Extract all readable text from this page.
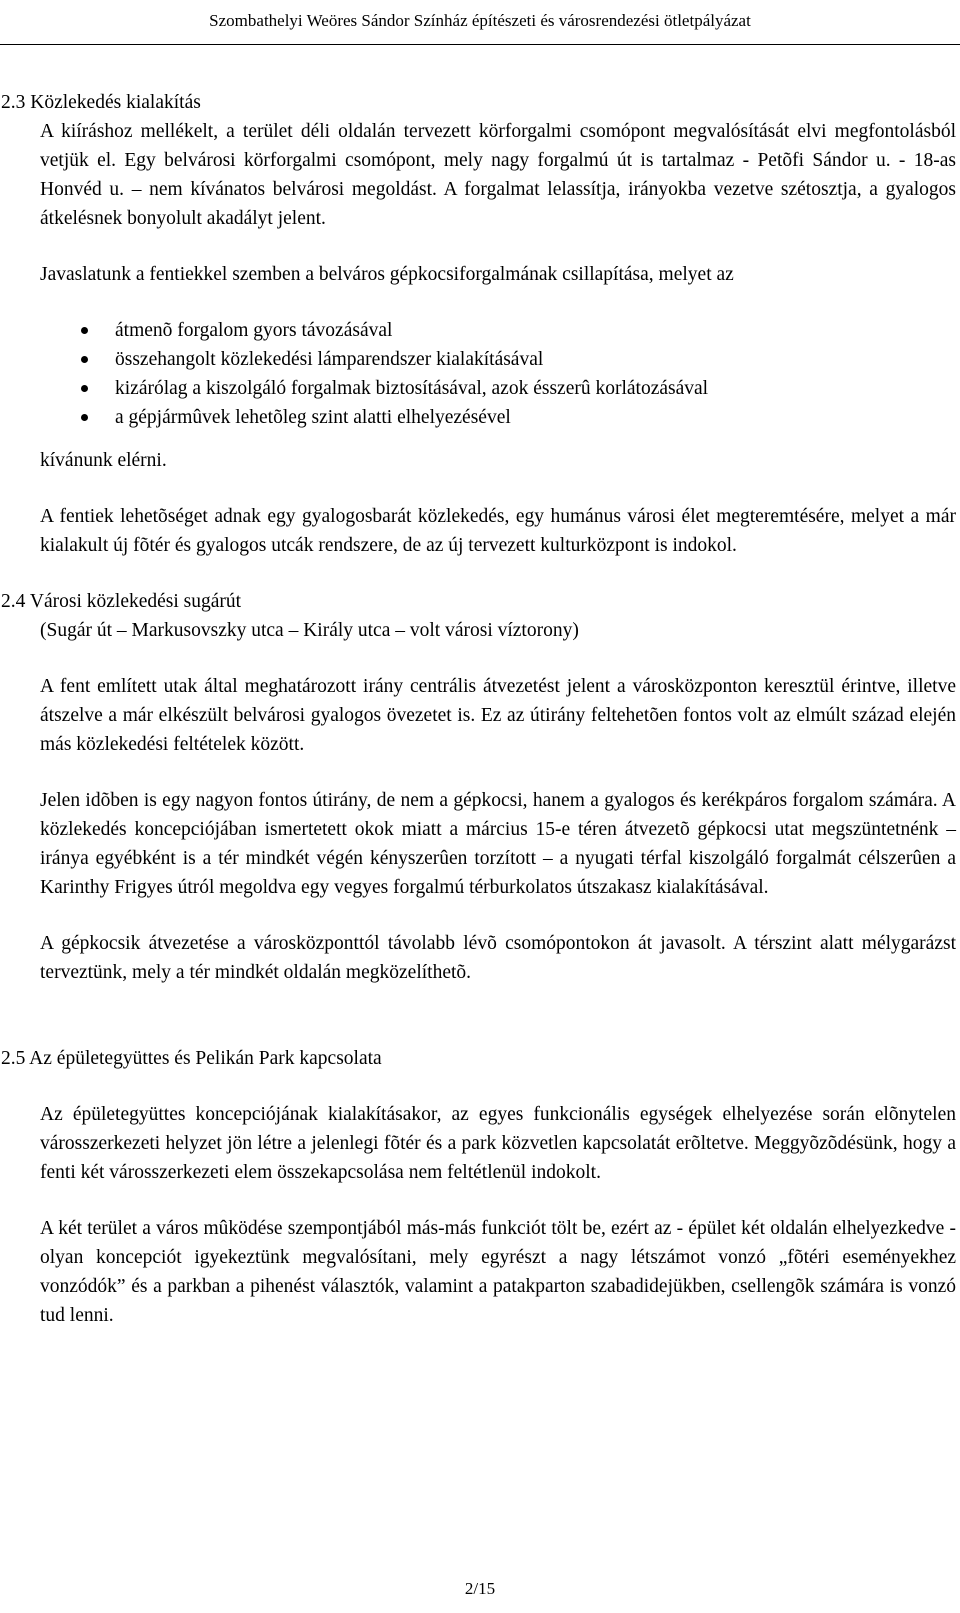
Szombathelyi Weöres Sándor Színház építészeti és városrendezési ötletpályázat

2.3 Közlekedés kialakítás

A kiíráshoz mellékelt, a terület déli oldalán tervezett körforgalmi csomópont megvalósítását elvi megfontolásból vetjük el. Egy belvárosi körforgalmi csomópont, mely nagy forgalmú út is tartalmaz - Petõfi Sándor u. - 18-as Honvéd u. – nem kívánatos belvárosi megoldást. A forgalmat lelassítja, irányokba vezetve szétosztja, a gyalogos átkelésnek bonyolult akadályt jelent.

Javaslatunk a fentiekkel szemben a belváros gépkocsiforgalmának csillapítása, melyet az

átmenõ forgalom gyors távozásával
összehangolt közlekedési lámparendszer kialakításával
kizárólag a kiszolgáló forgalmak biztosításával, azok ésszerû korlátozásával
a gépjármûvek lehetõleg szint alatti elhelyezésével

kívánunk elérni.

A fentiek lehetõséget adnak egy gyalogosbarát közlekedés, egy humánus városi élet megteremtésére, melyet a már kialakult új fõtér és gyalogos utcák rendszere, de az új tervezett kulturközpont is indokol.

2.4 Városi közlekedési sugárút

(Sugár út – Markusovszky utca – Király utca – volt városi víztorony)

A fent említett utak által meghatározott irány centrális átvezetést jelent a városközponton keresztül érintve, illetve átszelve a már elkészült belvárosi gyalogos övezetet is. Ez az útirány feltehetõen fontos volt az elmúlt század elején más közlekedési feltételek között.

Jelen idõben is egy nagyon fontos útirány, de nem a gépkocsi, hanem a gyalogos és kerékpáros forgalom számára. A közlekedés koncepciójában ismertetett okok miatt a március 15-e téren átvezetõ gépkocsi utat megszüntetnénk – iránya egyébként is a tér mindkét végén kényszerûen torzított – a nyugati térfal kiszolgáló forgalmát célszerûen a Karinthy Frigyes útról megoldva egy vegyes forgalmú térburkolatos útszakasz kialakításával.

A gépkocsik átvezetése a városközponttól távolabb lévõ csomópontokon át javasolt. A térszint alatt mélygarázst terveztünk, mely a tér mindkét oldalán megközelíthetõ.

2.5 Az épületegyüttes és Pelikán Park kapcsolata

Az épületegyüttes koncepciójának kialakításakor, az egyes funkcionális egységek elhelyezése során elõnytelen városszerkezeti helyzet jön létre a jelenlegi fõtér és a park közvetlen kapcsolatát erõltetve. Meggyõzõdésünk, hogy a fenti két városszerkezeti elem összekapcsolása nem feltétlenül indokolt.

A két terület a város mûködése szempontjából más-más funkciót tölt be, ezért az - épület két oldalán elhelyezkedve - olyan koncepciót igyekeztünk megvalósítani, mely egyrészt a nagy létszámot vonzó „fõtéri eseményekhez vonzódók” és a parkban a pihenést választók, valamint a patakparton szabadidejükben, csellengõk számára is vonzó tud lenni.

2/15
